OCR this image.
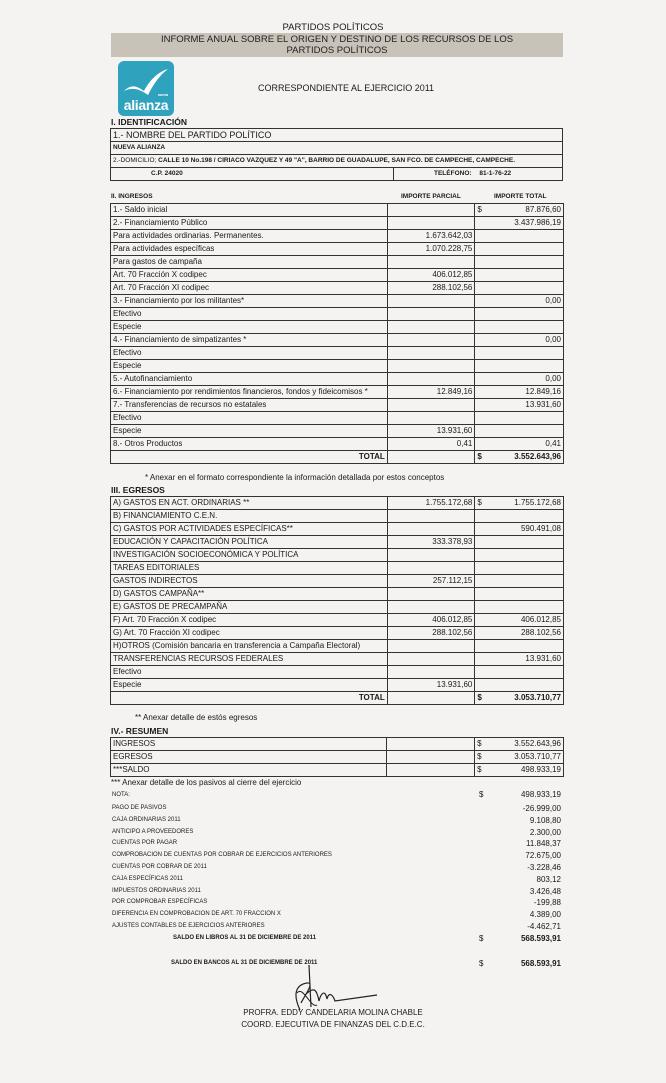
PARTIDOS POLÍTICOS
INFORME ANUAL SOBRE EL ORIGEN Y DESTINO DE LOS RECURSOS DE LOS
PARTIDOS POLÍTICOS
nueva
alianza
CORRESPONDIENTE AL EJERCICIO 2011
I. IDENTIFICACIÓN
1.- NOMBRE DEL PARTIDO POLÍTICO
NUEVA ALIANZA
2.-DOMICILIO; CALLE 10 No.198 / CIRIACO VAZQUEZ Y 49 "A", BARRIO DE GUADALUPE, SAN FCO. DE CAMPECHE, CAMPECHE.
C.P. 24020	TELÉFONO: 81-1-76-22
II. INGRESOS	IMPORTE PARCIAL	IMPORTE TOTAL
1.- Saldo inicial		$ 87.876,60

2.- Financiamiento Público		3.437.986,19

Para actividades ordinarias. Permanentes.	1.673.642,03	

Para actividades específicas	1.070.228,75	

Para gastos de campaña		

Art. 70 Fracción X codipec	406.012,85	

Art. 70 Fracción XI codipec	288.102,56	

3.- Financiamiento por los militantes*		0,00

Efectivo		

Especie		

4.- Financiamiento de simpatizantes *		0,00

Efectivo		

Especie		

5.- Autofinanciamiento		0,00

6.- Financiamiento por rendimientos financieros, fondos y fideicomisos *	12.849,16	12.849,16

7.- Transferencias de recursos no estatales		13.931,60

Efectivo		

Especie	13.931,60	

8.- Otros Productos	0,41	0,41

TOTAL		$ 3.552.643,96
* Anexar en el formato correspondiente la información detallada por estos conceptos
III. EGRESOS
A) GASTOS EN ACT. ORDINARIAS **	1.755.172,68	$ 1.755.172,68

B) FINANCIAMIENTO C.E.N.		

C) GASTOS POR ACTIVIDADES ESPECÍFICAS**		590.491,08

EDUCACIÓN Y CAPACITACIÓN POLÍTICA	333.378,93	

INVESTIGACIÓN SOCIOECONÓMICA Y POLÍTICA		

TAREAS EDITORIALES		

GASTOS INDIRECTOS	257.112,15	

D) GASTOS CAMPAÑA**		

E) GASTOS DE PRECAMPAÑA		

F) Art. 70 Fracción X codipec	406.012,85	406.012,85

G) Art. 70 Fracción XI codipec	288.102,56	288.102,56

H)OTROS (Comisión bancaria en transferencia a Campaña Electoral)		

TRANSFERENCIAS RECURSOS FEDERALES		13.931,60

Efectivo		

Especie	13.931,60	

TOTAL		$ 3.053.710,77
** Anexar detalle de estós egresos
IV.- RESUMEN
INGRESOS		$ 3.552.643,96

EGRESOS		$ 3.053.710,77

***SALDO		$ 498.933,19
*** Anexar detalle de los pasivos al cierre del ejercicio
NOTA:	$	498.933,19
PAGO DE PASIVOS	-26.999,00
CAJA ORDINARIAS 2011	9.108,80
ANTICIPO A PROVEEDORES	2.300,00
CUENTAS POR PAGAR	11.848,37
COMPROBACION DE CUENTAS POR COBRAR DE EJERCICIOS ANTERIORES	72.675,00
CUENTAS POR COBRAR DE 2011	-3.228,46
CAJA ESPECÍFICAS 2011	803,12
IMPUESTOS ORDINARIAS 2011	3.426,48
POR COMPROBAR ESPECÍFICAS	-199,88
DIFERENCIA EN COMPROBACION DE ART. 70 FRACCION X	4.389,00
AJUSTES CONTABLES DE EJERCICIOS ANTERIORES	-4.462,71
SALDO EN LIBROS AL 31 DE DICIEMBRE DE 2011	$	568.593,91
SALDO EN BANCOS AL 31 DE DICIEMBRE DE 2011	$	568.593,91
PROFRA. EDDY CANDELARIA MOLINA CHABLE
COORD. EJECUTIVA DE FINANZAS DEL C.D.E.C.
